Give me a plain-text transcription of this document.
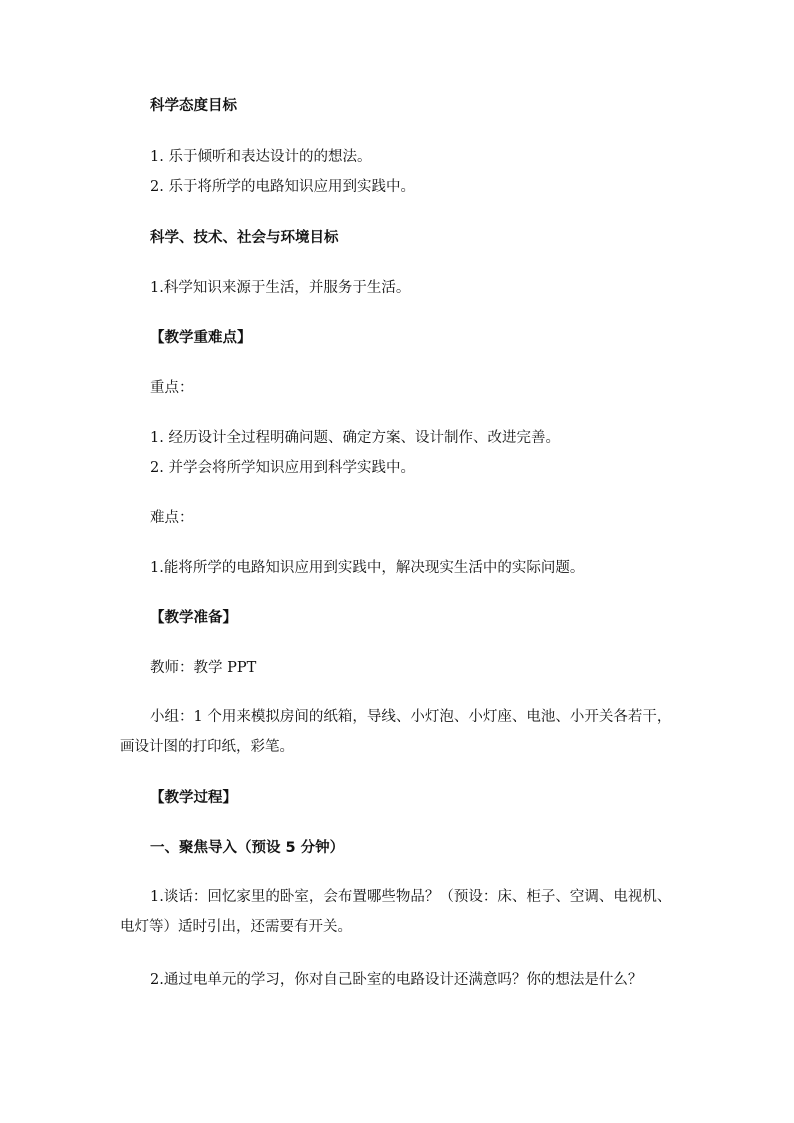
科学态度目标

1. 乐于倾听和表达设计的的想法。

2. 乐于将所学的电路知识应用到实践中。

科学、技术、社会与环境目标

1.科学知识来源于生活，并服务于生活。

【教学重难点】

重点：

1. 经历设计全过程明确问题、确定方案、设计制作、改进完善。

2. 并学会将所学知识应用到科学实践中。

难点：

1.能将所学的电路知识应用到实践中，解决现实生活中的实际问题。

【教学准备】

教师：教学 PPT

小组：1 个用来模拟房间的纸箱，导线、小灯泡、小灯座、电池、小开关各若干，画设计图的打印纸，彩笔。

【教学过程】

一、聚焦导入（预设 5 分钟）

1.谈话：回忆家里的卧室，会布置哪些物品？（预设：床、柜子、空调、电视机、电灯等）适时引出，还需要有开关。

2.通过电单元的学习，你对自己卧室的电路设计还满意吗？你的想法是什么？
